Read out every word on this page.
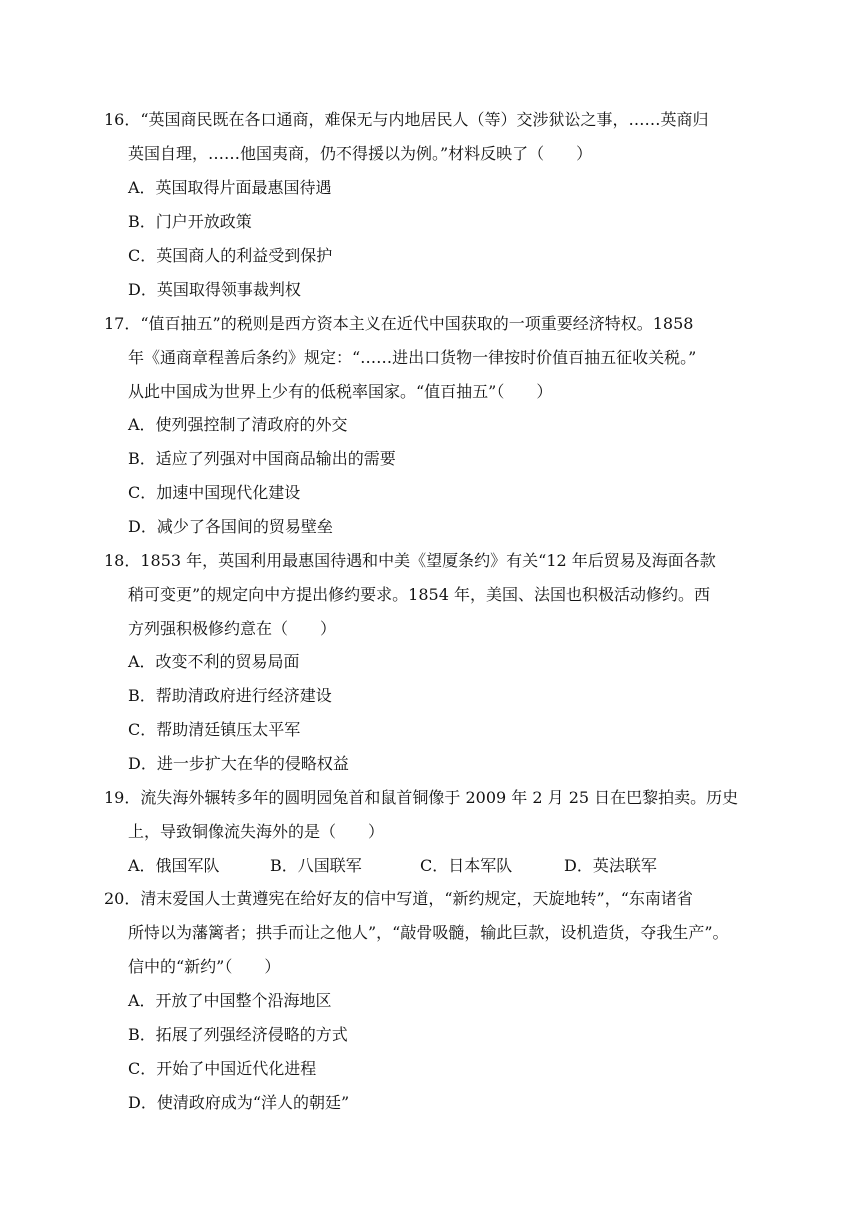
16．“英国商民既在各口通商，难保无与内地居民人（等）交涉狱讼之事，……英商归
英国自理，……他国夷商，仍不得援以为例。”材料反映了（　　）
A．英国取得片面最惠国待遇
B．门户开放政策
C．英国商人的利益受到保护
D．英国取得领事裁判权
17．“值百抽五”的税则是西方资本主义在近代中国获取的一项重要经济特权。1858
年《通商章程善后条约》规定：“……进出口货物一律按时价值百抽五征收关税。”
从此中国成为世界上少有的低税率国家。“值百抽五”（　　）
A．使列强控制了清政府的外交
B．适应了列强对中国商品输出的需要
C．加速中国现代化建设
D．减少了各国间的贸易壁垒
18．1853 年，英国利用最惠国待遇和中美《望厦条约》有关“12 年后贸易及海面各款
稍可变更”的规定向中方提出修约要求。1854 年，美国、法国也积极活动修约。西
方列强积极修约意在（　　）
A．改变不利的贸易局面
B．帮助清政府进行经济建设
C．帮助清廷镇压太平军
D．进一步扩大在华的侵略权益
19．流失海外辗转多年的圆明园兔首和鼠首铜像于 2009 年 2 月 25 日在巴黎拍卖。历史
上，导致铜像流失海外的是（　　）
A．俄国军队	B．八国联军	C．日本军队	D．英法联军
20．清末爱国人士黄遵宪在给好友的信中写道，“新约规定，天旋地转”，“东南诸省
所恃以为藩篱者；拱手而让之他人”，“敲骨吸髓，输此巨款，设机造货，夺我生产”。
信中的“新约”（　　）
A．开放了中国整个沿海地区
B．拓展了列强经济侵略的方式
C．开始了中国近代化进程
D．使清政府成为“洋人的朝廷”
